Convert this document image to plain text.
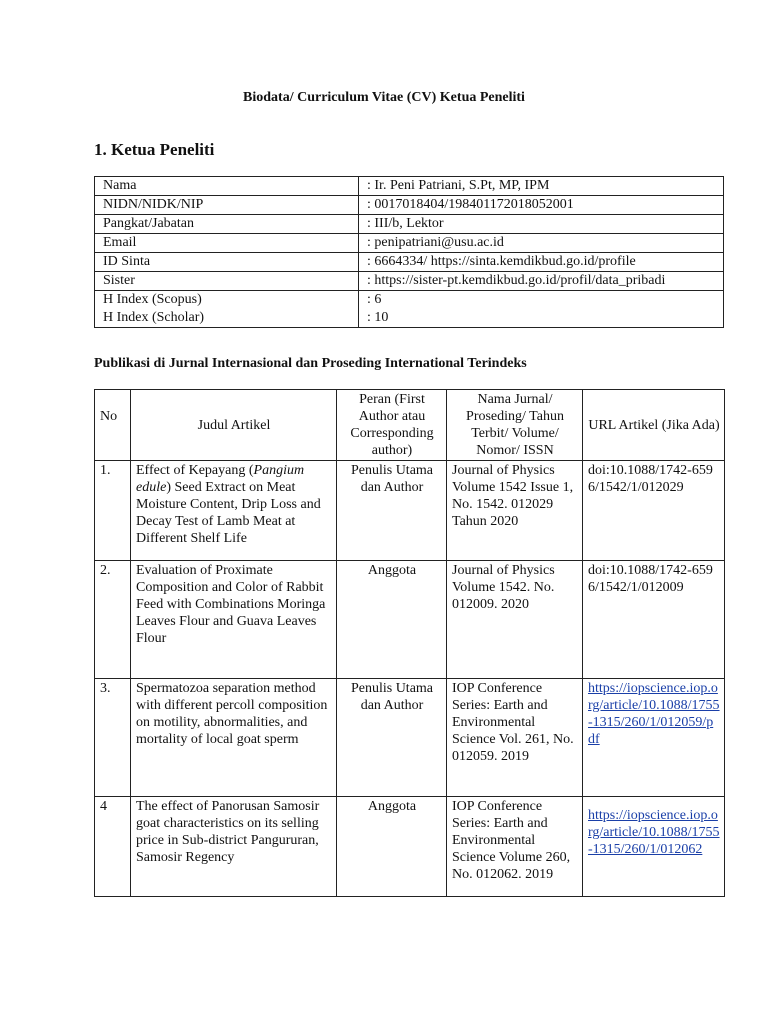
Biodata/ Curriculum Vitae (CV) Ketua Peneliti
1. Ketua Peneliti
Nama	: Ir. Peni Patriani, S.Pt, MP, IPM
NIDN/NIDK/NIP	: 0017018404/198401172018052001
Pangkat/Jabatan	: III/b, Lektor
Email	: penipatriani@usu.ac.id
ID Sinta	: 6664334/ https://sinta.kemdikbud.go.id/profile
Sister	: https://sister-pt.kemdikbud.go.id/profil/data_pribadi
H Index (Scopus)	: 6
H Index (Scholar)	: 10
Publikasi di Jurnal Internasional dan Proseding International Terindeks
No	Judul Artikel	Peran (First Author atau Corresponding author)	Nama Jurnal/ Proseding/ Tahun Terbit/ Volume/ Nomor/ ISSN	URL Artikel (Jika Ada)
1.	Effect of Kepayang (Pangium edule) Seed Extract on Meat Moisture Content, Drip Loss and Decay Test of Lamb Meat at Different Shelf Life	Penulis Utama dan Author	Journal of Physics Volume 1542 Issue 1, No. 1542. 012029 Tahun 2020	doi:10.1088/1742-6596/1542/1/012029
2.	Evaluation of Proximate Composition and Color of Rabbit Feed with Combinations Moringa Leaves Flour and Guava Leaves Flour	Anggota	Journal of Physics Volume 1542. No. 012009. 2020	doi:10.1088/1742-6596/1542/1/012009
3.	Spermatozoa separation method with different percoll composition on motility, abnormalities, and mortality of local goat sperm	Penulis Utama dan Author	IOP Conference Series: Earth and Environmental Science Vol. 261, No. 012059. 2019	https://iopscience.iop.org/article/10.1088/1755-1315/260/1/012059/pdf
4	The effect of Panorusan Samosir goat characteristics on its selling price in Sub-district Pangururan, Samosir Regency	Anggota	IOP Conference Series: Earth and Environmental Science Volume 260, No. 012062. 2019	https://iopscience.iop.org/article/10.1088/1755-1315/260/1/012062
